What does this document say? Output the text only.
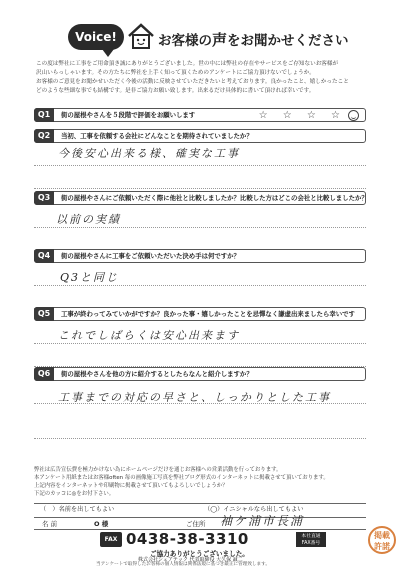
Voice!	お客様の声をお聞かせください

この度は弊社に工事をご用命頂き誠にありがとうございました。世の中には弊社の存在やサービスをご存知ないお客様が

沢山いらっしゃいます。その方たちに弊社を上手く知って頂くためのアンケートにご協力頂けないでしょうか。

お客様のご意見をお聞かせいただく今後の活動に反映させていただきたいと考えております。良かったこと、嬉しかったこと

どのような些細な事でも結構です。是非ご協力お願い致します。出来るだけ具体的に書いて頂ければ幸いです。

Q1	街の屋根やさんを５段階で評価をお願いします	☆ ☆ ☆ ☆
Q2	当初、工事を依頼する会社にどんなことを期待されていましたか？
今後安心出来る様、確実な工事
Q3	街の屋根やさんにご依頼いただく際に他社と比較しましたか？比較した方はどこの会社と比較しましたか？
以前の実績
Q4	街の屋根やさんに工事をご依頼いただいた決め手は何ですか？
Q3と同じ
Q5	工事が終わってみていかがですか？良かった事・嬉しかったことを忌憚なく謙虚出来ましたら幸いです
これでしばらくは安心出来ます
Q6	街の屋根やさんを他の方に紹介するとしたらなんと紹介しますか？
工事までの対応の早さと、しっかりとした工事

弊社は広告宣伝費を極力かけない為にホームページだけを通じお客様への営業活動を行っております。

本アンケート用紙またはお客様often 毎の画像施工写真を弊社ブログ形式のインターネットに掲載させて頂いております。

上記内容をインターネットや印刷物に掲載させて頂いてもよろしいでしょうか？

下記のカッコに◎をお付下さい。

（　）名前を出してもよい	（◯）イニシャルなら出してもよい
名 前	O 様	ご住所 袖ケ浦市長浦
FAX 0438-38-3310	本社直通
FAX番号
ご協力ありがとうございました。
株式会社シェアテック 代表取締役 大久保 誠二
当アンケートで取得したお客様の個人情報は関係法規に基づき厳正に管理致します。
掲載
許諾
